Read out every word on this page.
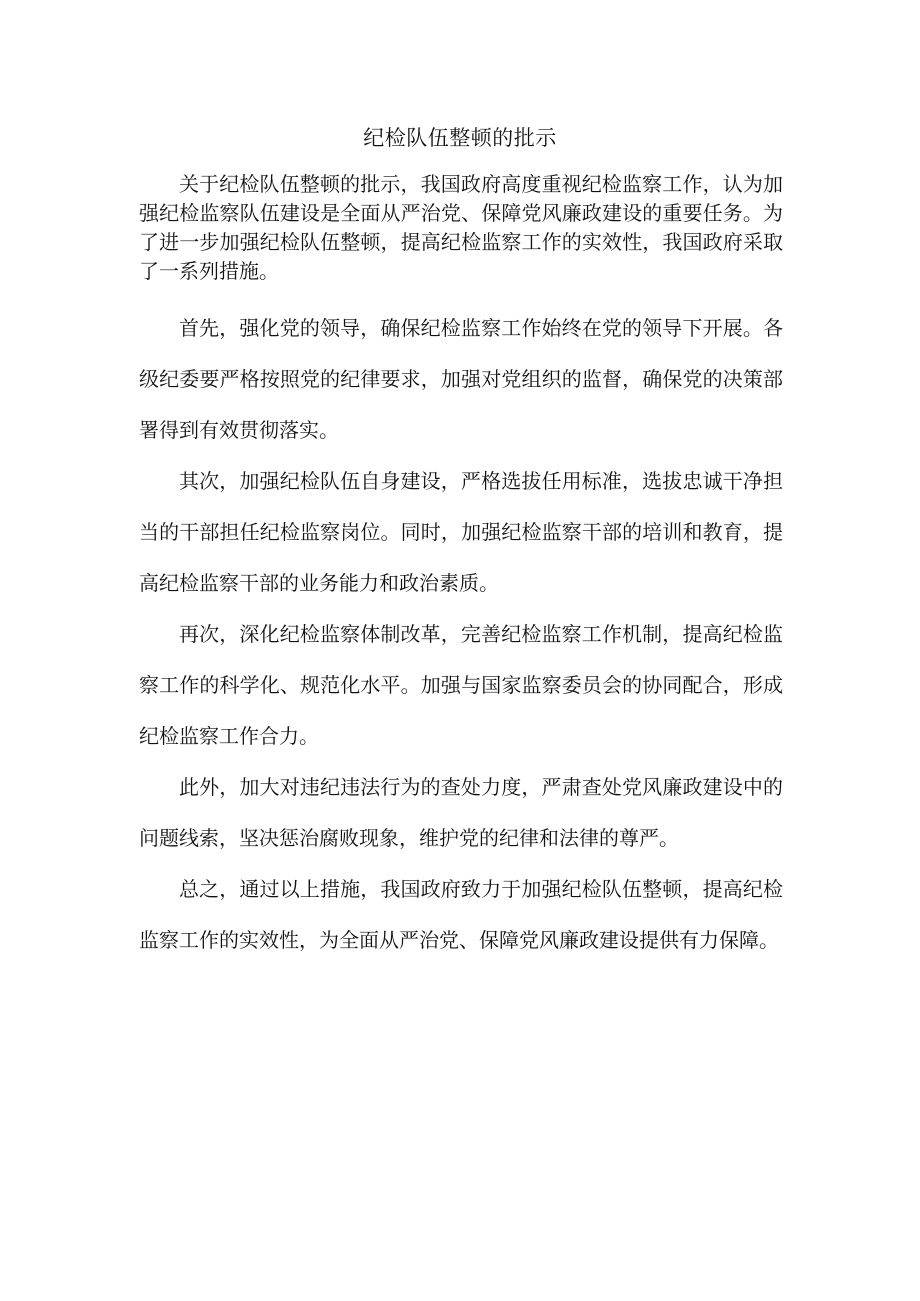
纪检队伍整顿的批示

关于纪检队伍整顿的批示，我国政府高度重视纪检监察工作，认为加强纪检监察队伍建设是全面从严治党、保障党风廉政建设的重要任务。为了进一步加强纪检队伍整顿，提高纪检监察工作的实效性，我国政府采取了一系列措施。

首先，强化党的领导，确保纪检监察工作始终在党的领导下开展。各级纪委要严格按照党的纪律要求，加强对党组织的监督，确保党的决策部署得到有效贯彻落实。

其次，加强纪检队伍自身建设，严格选拔任用标准，选拔忠诚干净担当的干部担任纪检监察岗位。同时，加强纪检监察干部的培训和教育，提高纪检监察干部的业务能力和政治素质。

再次，深化纪检监察体制改革，完善纪检监察工作机制，提高纪检监察工作的科学化、规范化水平。加强与国家监察委员会的协同配合，形成纪检监察工作合力。

此外，加大对违纪违法行为的查处力度，严肃查处党风廉政建设中的问题线索，坚决惩治腐败现象，维护党的纪律和法律的尊严。

总之，通过以上措施，我国政府致力于加强纪检队伍整顿，提高纪检监察工作的实效性，为全面从严治党、保障党风廉政建设提供有力保障。
